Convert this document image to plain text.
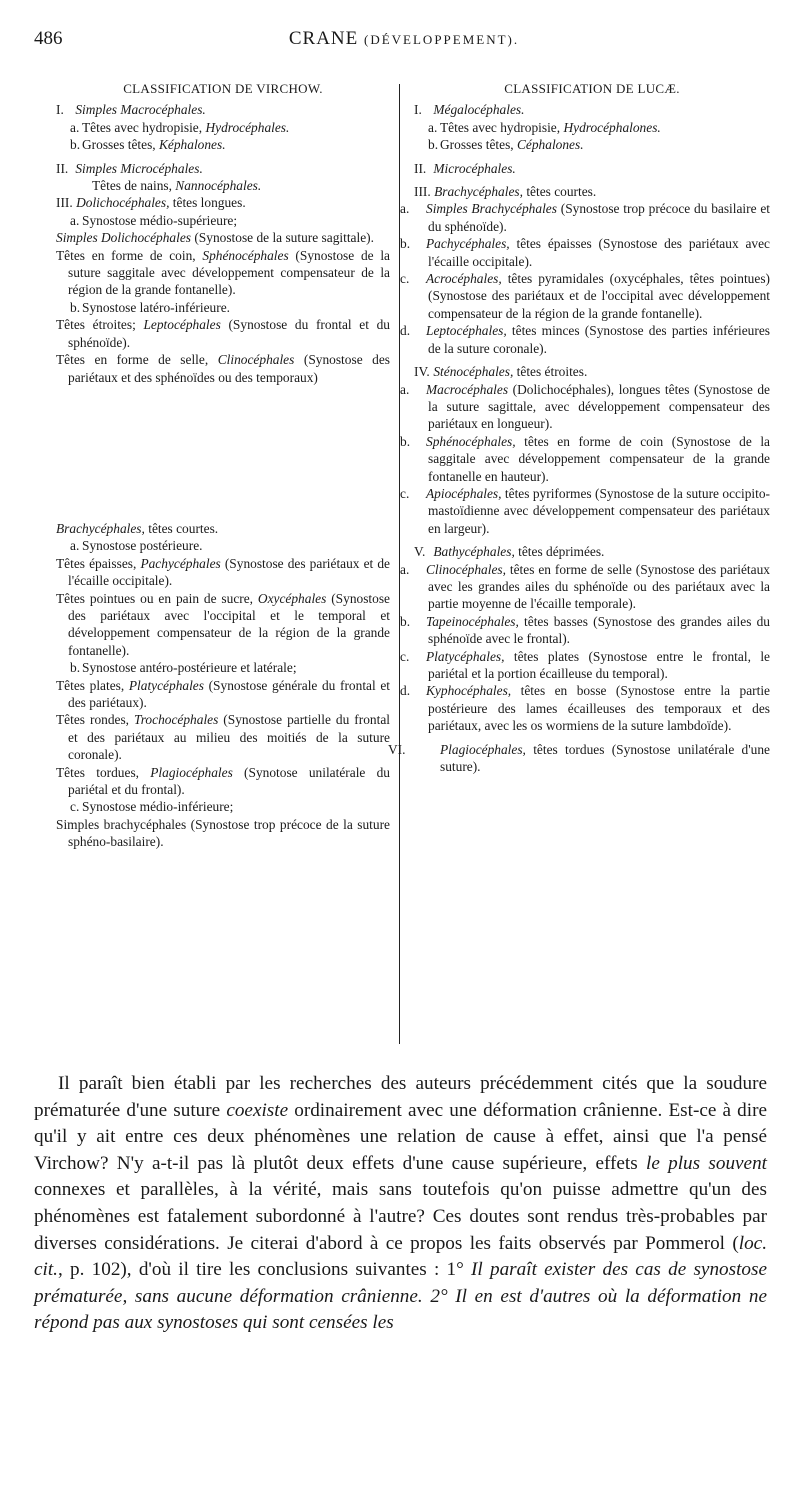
486	CRANE (DÉVELOPPEMENT).
CLASSIFICATION DE VIRCHOW.
I. Simples Macrocéphales.
a. Têtes avec hydropisie, Hydrocéphales.
b. Grosses têtes, Képhalones.
II. Simples Microcéphales.
Têtes de nains, Nannocéphales.
III. Dolichocéphales, têtes longues.
a. Synostose médio-supérieure;
Simples Dolichocéphales (Synostose de la suture sagittale).
Têtes en forme de coin, Sphénocéphales (Synostose de la suture saggitale avec développement compensateur de la région de la grande fontanelle).
b. Synostose latéro-inférieure.
Têtes étroites; Leptocéphales (Synostose du frontal et du sphénoïde).
Têtes en forme de selle, Clinocéphales (Synostose des pariétaux et des sphénoïdes ou des temporaux)
Brachycéphales, têtes courtes.
a. Synostose postérieure.
Têtes épaisses, Pachycéphales (Synostose des pariétaux et de l'écaille occipitale).
Têtes pointues ou en pain de sucre, Oxycéphales (Synostose des pariétaux avec l'occipital et le temporal et développement compensateur de la région de la grande fontanelle).
b. Synostose antéro-postérieure et latérale;
Têtes plates, Platycéphales (Synostose générale du frontal et des pariétaux).
Têtes rondes, Trochocéphales (Synostose partielle du frontal et des pariétaux au milieu des moitiés de la suture coronale).
Têtes tordues, Plagiocéphales (Synotose unilatérale du pariétal et du frontal).
c. Synostose médio-inférieure;
Simples brachycéphales (Synostose trop précoce de la suture sphéno-basilaire).
CLASSIFICATION DE LUCÆ.
I. Mégalocéphales.
a. Têtes avec hydropisie, Hydrocéphalones.
b. Grosses têtes, Céphalones.
II. Microcéphales.
III. Brachycéphales, têtes courtes.
a. Simples Brachycéphales (Synostose trop précoce du basilaire et du sphénoïde).
b. Pachycéphales, têtes épaisses (Synostose des pariétaux avec l'écaille occipitale).
c. Acrocéphales, têtes pyramidales (oxycéphales, têtes pointues) (Synostose des pariétaux et de l'occipital avec développement compensateur de la région de la grande fontanelle).
d. Leptocéphales, têtes minces (Synostose des parties inférieures de la suture coronale).
IV. Sténocéphales, têtes étroites.
a. Macrocéphales (Dolichocéphales), longues têtes (Synostose de la suture sagittale, avec développement compensateur des pariétaux en longueur).
b. Sphénocéphales, têtes en forme de coin (Synostose de la saggitale avec développement compensateur de la grande fontanelle en hauteur).
c. Apiocéphales, têtes pyriformes (Synostose de la suture occipito-mastoïdienne avec développement compensateur des pariétaux en largeur).
V. Bathycéphales, têtes déprimées.
a. Clinocéphales, têtes en forme de selle (Synostose des pariétaux avec les grandes ailes du sphénoïde ou des pariétaux avec la partie moyenne de l'écaille temporale).
b. Tapeinocéphales, têtes basses (Synostose des grandes ailes du sphénoïde avec le frontal).
c. Platycéphales, têtes plates (Synostose entre le frontal, le pariétal et la portion écailleuse du temporal).
d. Kyphocéphales, têtes en bosse (Synostose entre la partie postérieure des lames écailleuses des temporaux et des pariétaux, avec les os wormiens de la suture lambdoïde).
VI.	Plagiocéphales, têtes tordues (Synostose unilatérale d'une suture).

Il paraît bien établi par les recherches des auteurs précédemment cités que la soudure prématurée d'une suture coexiste ordinairement avec une déformation crânienne. Est-ce à dire qu'il y ait entre ces deux phénomènes une relation de cause à effet, ainsi que l'a pensé Virchow? N'y a-t-il pas là plutôt deux effets d'une cause supérieure, effets le plus souvent connexes et parallèles, à la vérité, mais sans toutefois qu'on puisse admettre qu'un des phénomènes est fatalement subordonné à l'autre? Ces doutes sont rendus très-probables par diverses considérations. Je citerai d'abord à ce propos les faits observés par Pommerol (loc. cit., p. 102), d'où il tire les conclusions suivantes : 1° Il paraît exister des cas de synostose prématurée, sans aucune déformation crânienne. 2° Il en est d'autres où la déformation ne répond pas aux synostoses qui sont censées les
